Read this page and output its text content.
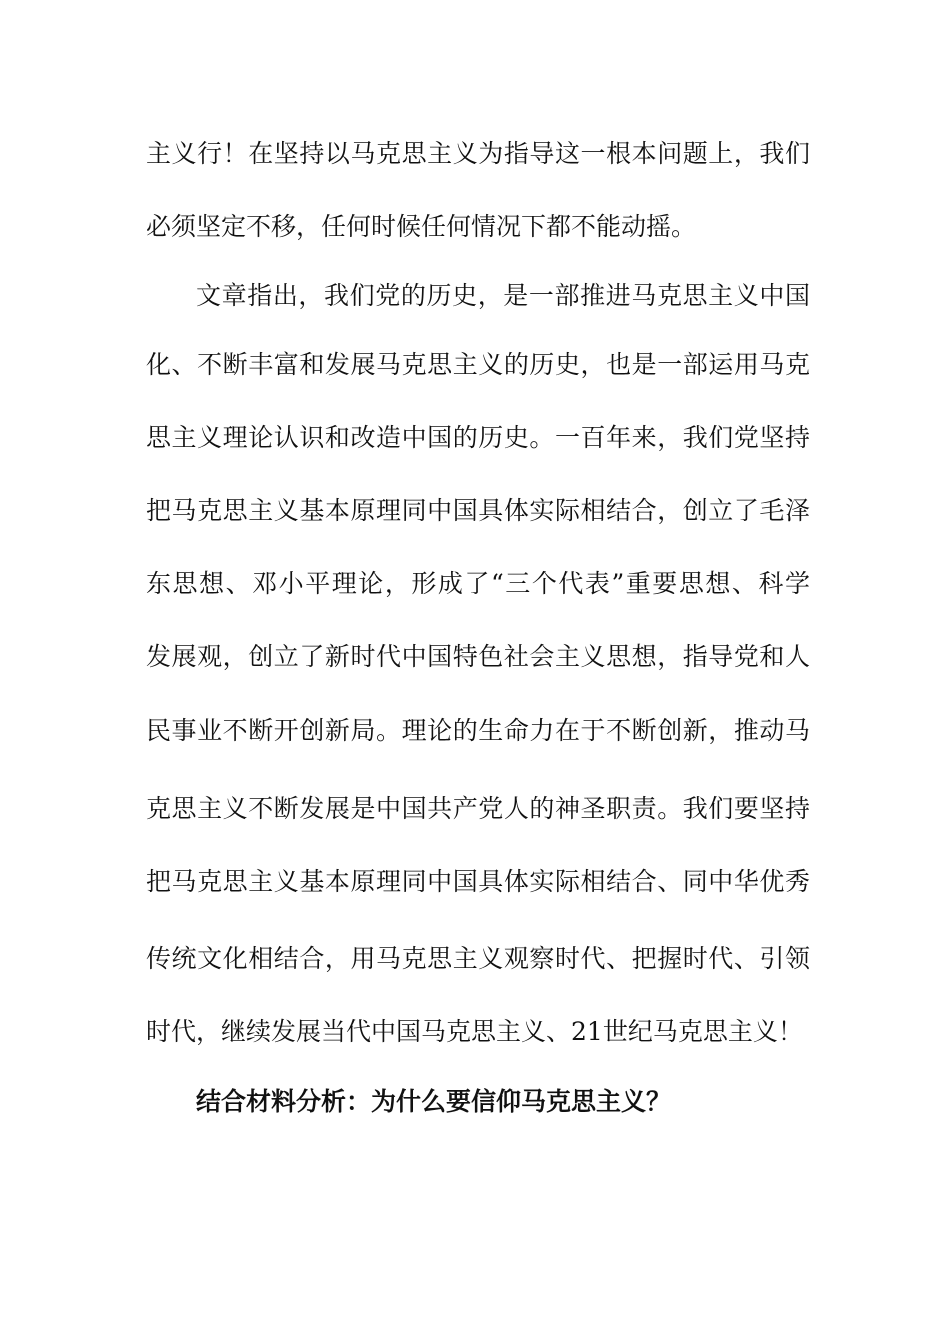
主义行！在坚持以马克思主义为指导这一根本问题上，我们
必须坚定不移，任何时候任何情况下都不能动摇。
文章指出，我们党的历史，是一部推进马克思主义中国
化、不断丰富和发展马克思主义的历史，也是一部运用马克
思主义理论认识和改造中国的历史。一百年来，我们党坚持
把马克思主义基本原理同中国具体实际相结合，创立了毛泽
东思想、邓小平理论，形成了“三个代表”重要思想、科学
发展观，创立了新时代中国特色社会主义思想，指导党和人
民事业不断开创新局。理论的生命力在于不断创新，推动马
克思主义不断发展是中国共产党人的神圣职责。我们要坚持
把马克思主义基本原理同中国具体实际相结合、同中华优秀
传统文化相结合，用马克思主义观察时代、把握时代、引领
时代，继续发展当代中国马克思主义、21世纪马克思主义！
结合材料分析：为什么要信仰马克思主义？
